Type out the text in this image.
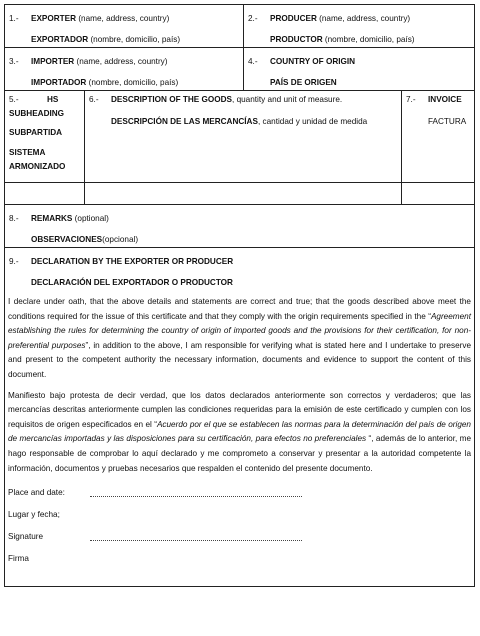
1.-	EXPORTER (name, address, country)
EXPORTADOR (nombre, domicilio, país)
2.-	PRODUCER (name, address, country)
PRODUCTOR (nombre, domicilio, país)
3.-	IMPORTER (name, address, country)
IMPORTADOR (nombre, domicilio, país)
4.-	COUNTRY OF ORIGIN
PAÍS DE ORIGEN
5.-	HS
SUBHEADING
SUBPARTIDA
SISTEMA
ARMONIZADO
6.-	DESCRIPTION OF THE GOODS , quantity and unit of measure.
DESCRIPCIÓN DE LAS MERCANCÍAS , cantidad y unidad de medida
7.-	INVOICE
FACTURA
8.-	REMARKS (optional)
OBSERVACIONES (opcional)
9.-	DECLARATION BY THE EXPORTER OR PRODUCER
DECLARACIÓN DEL EXPORTADOR O PRODUCTOR

I declare under oath, that the above details and statements are correct and true; that the goods described above meet the conditions required for the issue of this certificate and that they comply with the origin requirements specified in the “Agreement establishing the rules for determining the country of origin of imported goods and the provisions for their certification, for non-preferential purposes”, in addition to the above, I am responsible for verifying what is stated here and I undertake to preserve and present to the competent authority the necessary information, documents and evidence to support the content of this document.

Manifiesto bajo protesta de decir verdad, que los datos declarados anteriormente son correctos y verdaderos; que las mercancías descritas anteriormente cumplen las condiciones requeridas para la emisión de este certificado y cumplen con los requisitos de origen especificados en el “Acuerdo por el que se establecen las normas para la determinación del país de origen de mercancías importadas y las disposiciones para su certificación, para efectos no preferenciales “, además de lo anterior, me hago responsable de comprobar lo aquí declarado y me comprometo a conservar y presentar a la autoridad competente la información, documentos y pruebas necesarios que respalden el contenido del presente documento.

Place and date:
Lugar y fecha;
Signature
Firma
